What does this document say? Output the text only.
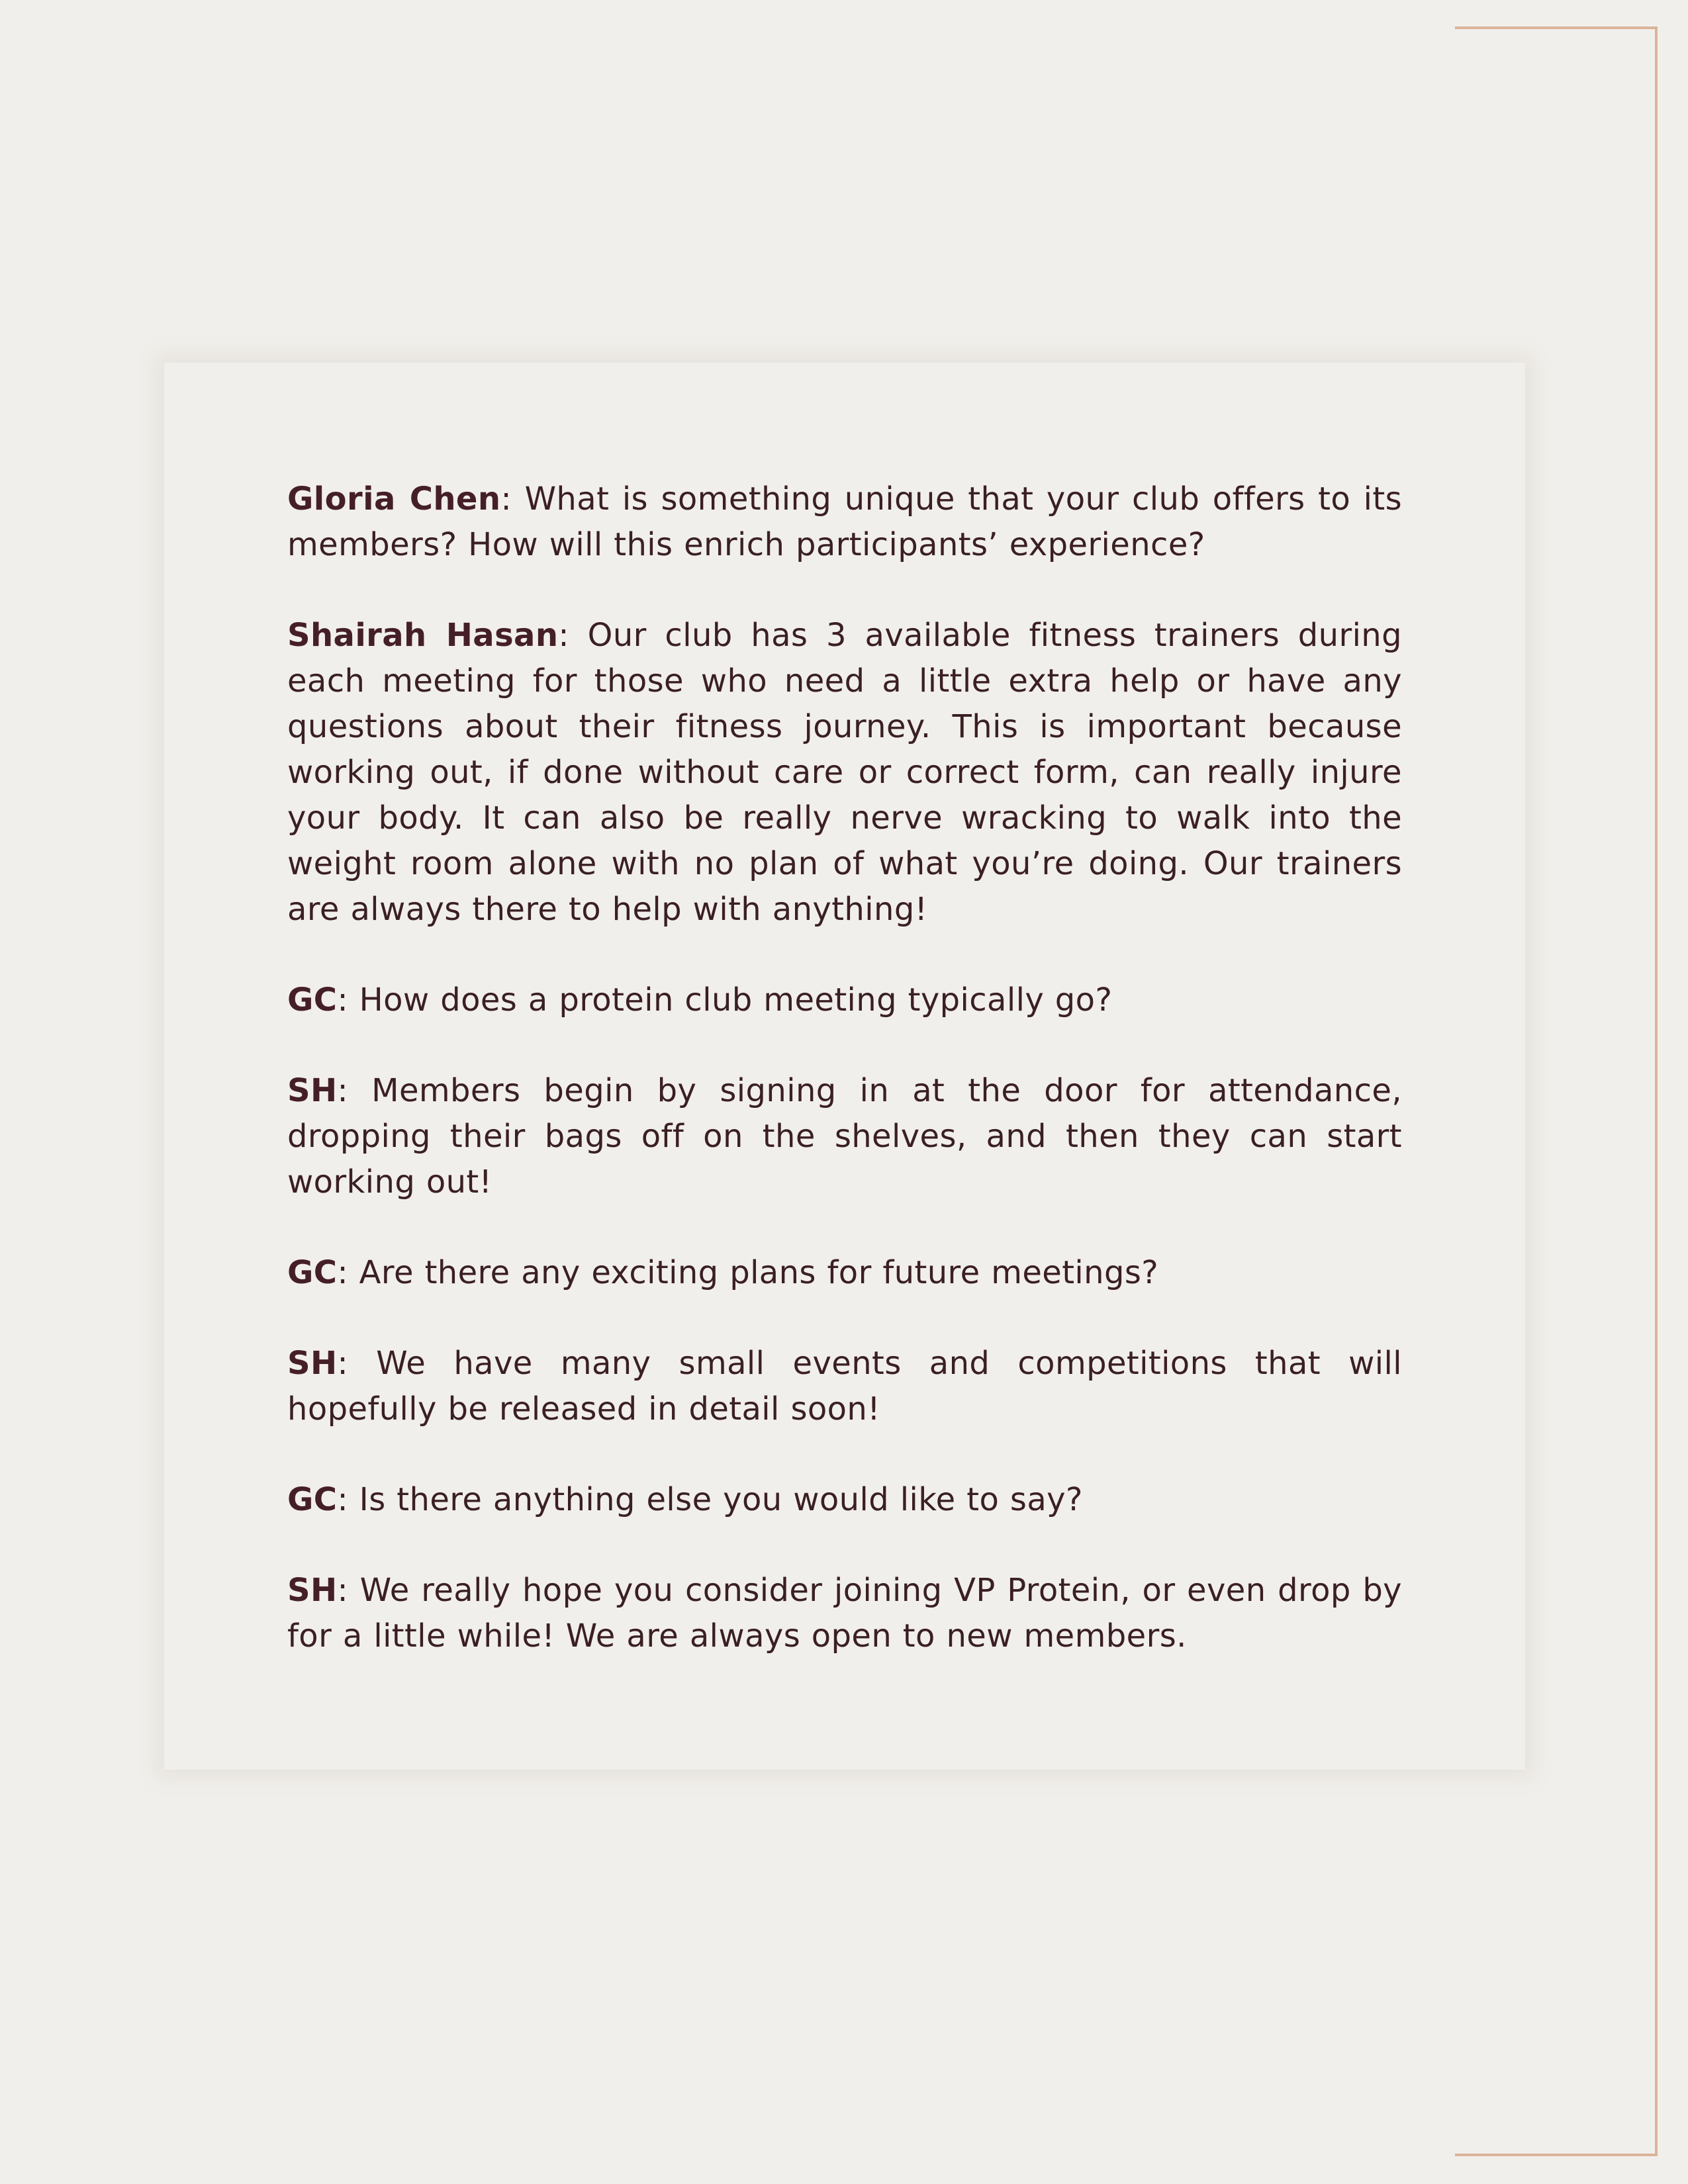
Gloria Chen: What is something unique that your club offers to its members? How will this enrich participants’ experience?

Shairah Hasan: Our club has 3 available fitness trainers during each meeting for those who need a little extra help or have any questions about their fitness journey. This is important because working out, if done without care or correct form, can really injure your body. It can also be really nerve wracking to walk into the weight room alone with no plan of what you’re doing. Our trainers are always there to help with anything!

GC: How does a protein club meeting typically go?

SH: Members begin by signing in at the door for attendance, dropping their bags off on the shelves, and then they can start working out!

GC: Are there any exciting plans for future meetings?

SH: We have many small events and competitions that will hopefully be released in detail soon!

GC: Is there anything else you would like to say?

SH: We really hope you consider joining VP Protein, or even drop by for a little while! We are always open to new members.
